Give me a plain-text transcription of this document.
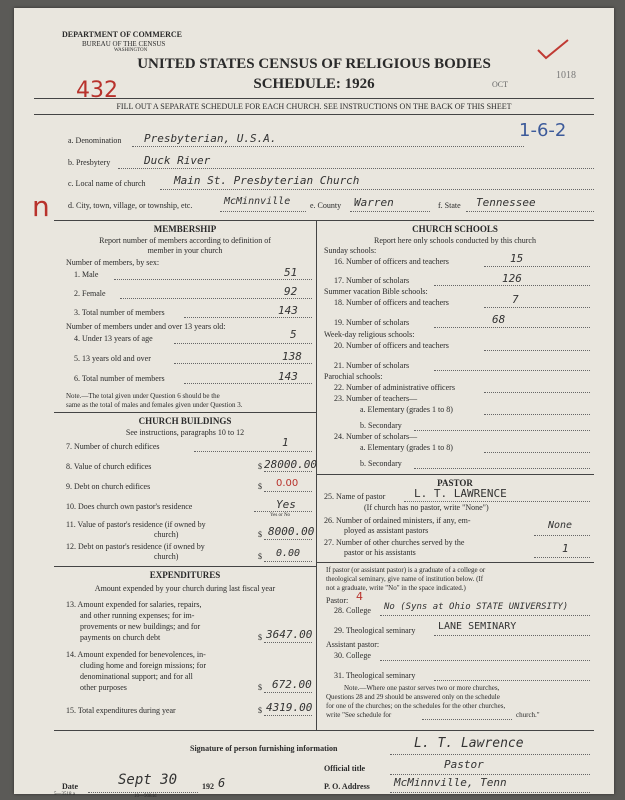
DEPARTMENT OF COMMERCE
BUREAU OF THE CENSUS
WASHINGTON
UNITED STATES CENSUS OF RELIGIOUS BODIES
SCHEDULE: 1926
FILL OUT A SEPARATE SCHEDULE FOR EACH CHURCH. SEE INSTRUCTIONS ON THE BACK OF THIS SHEET
432
1-6-2
1018
OCT
n
a. Denomination Presbyterian, U.S.A.
b. Presbytery	Duck River
c. Local name of church	Main St. Presbyterian Church
d. City, town, village, or township, etc.	McMinnville e. County Warren	f. State Tennessee
MEMBERSHIP
Report number of members according to definition of
member in your church
Number of members, by sex:
1. Male	51
2. Female	92
3. Total number of members	143
Number of members under and over 13 years old:
4. Under 13 years of age	5
5. 13 years old and over	138
6. Total number of members	143
Note.—The total given under Question 6 should be the
same as the total of males and females given under Question 3.
CHURCH BUILDINGS
See instructions, paragraphs 10 to 12
7. Number of church edifices	1
8. Value of church edifices	$ 28000.00
9. Debt on church edifices	$ 0.00
10. Does church own pastor's residence	Yes
Yes or No
11. Value of pastor's residence (if owned by
church)	$ 8000.00
12. Debt on pastor's residence (if owned by
church)	$ 0.00
EXPENDITURES
Amount expended by your church during last fiscal year
13. Amount expended for salaries, repairs,
and other running expenses; for im-
provements or new buildings; and for
payments on church debt	$ 3647.00
14. Amount expended for benevolences, in-
cluding home and foreign missions; for
denominational support; and for all
other purposes	$ 672.00
15. Total expenditures during year	$ 4319.00
CHURCH SCHOOLS
Report here only schools conducted by this church
Sunday schools:
16. Number of officers and teachers	15
17. Number of scholars	126
Summer vacation Bible schools:
18. Number of officers and teachers	7
19. Number of scholars	68
Week-day religious schools:
20. Number of officers and teachers
21. Number of scholars
Parochial schools:
22. Number of administrative officers
23. Number of teachers—
a. Elementary (grades 1 to 8)
b. Secondary
24. Number of scholars—
a. Elementary (grades 1 to 8)
b. Secondary
PASTOR
25. Name of pastor	L. T. LAWRENCE
(If church has no pastor, write "None")
26. Number of ordained ministers, if any, em-
ployed as assistant pastors	None
27. Number of other churches served by the
pastor or his assistants	1
If pastor (or assistant pastor) is a graduate of a college or
theological seminary, give name of institution below. (If
not a graduate, write "No" in the space indicated.)
Pastor: 4
28. College No (Syns at Ohio STATE UNIVERSITY)
29. Theological seminary LANE SEMINARY
Assistant pastor:
30. College
31. Theological seminary
Note.—Where one pastor serves two or more churches,
Questions 28 and 29 should be answered only on the schedule
for one of the churches; on the schedules for the other churches,
write "See schedule for	church."
Signature of person furnishing information	L. T. Lawrence
Official title	Pastor
Date	Sept 30	192 6	P. O. Address McMinnville, Tenn
5—3518 a	10—9084d
